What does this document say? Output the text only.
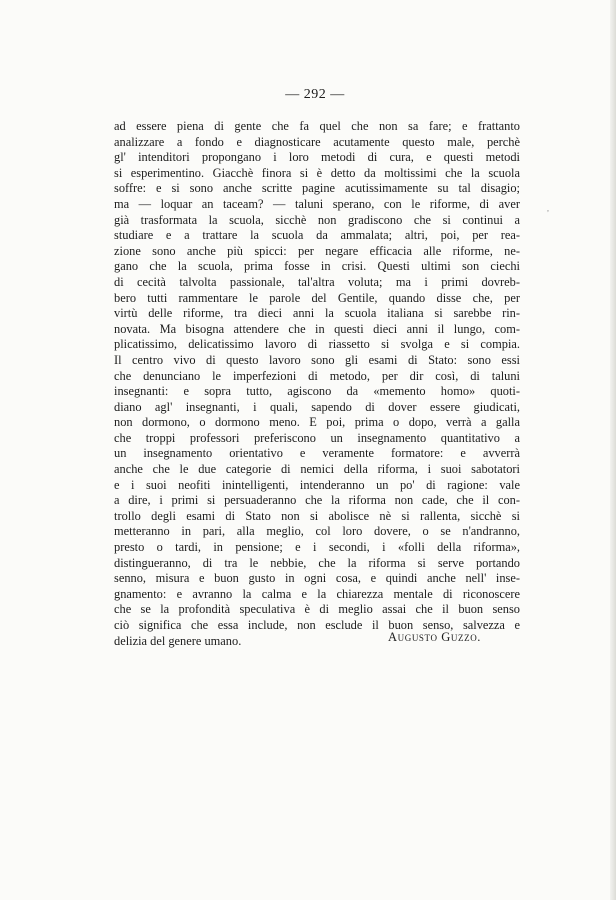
— 292 —
ad essere piena di gente che fa quel che non sa fare; e frattanto
analizzare a fondo e diagnosticare acutamente questo male, perchè
gl' intenditori propongano i loro metodi di cura, e questi metodi
si esperimentino. Giacchè finora si è detto da moltissimi che la scuola
soffre: e si sono anche scritte pagine acutissimamente su tal disagio;
ma — loquar an taceam? — taluni sperano, con le riforme, di aver
già trasformata la scuola, sicchè non gradiscono che si continui a
studiare e a trattare la scuola da ammalata; altri, poi, per rea-
zione sono anche più spicci: per negare efficacia alle riforme, ne-
gano che la scuola, prima fosse in crisi. Questi ultimi son ciechi
di cecità talvolta passionale, tal'altra voluta; ma i primi dovreb-
bero tutti rammentare le parole del Gentile, quando disse che, per
virtù delle riforme, tra dieci anni la scuola italiana si sarebbe rin-
novata. Ma bisogna attendere che in questi dieci anni il lungo, com-
plicatissimo, delicatissimo lavoro di riassetto si svolga e si compia.
Il centro vivo di questo lavoro sono gli esami di Stato: sono essi
che denunciano le imperfezioni di metodo, per dir così, di taluni
insegnanti: e sopra tutto, agiscono da «memento homo» quoti-
diano agl' insegnanti, i quali, sapendo di dover essere giudicati,
non dormono, o dormono meno. E poi, prima o dopo, verrà a galla
che troppi professori preferiscono un insegnamento quantitativo a
un insegnamento orientativo e veramente formatore: e avverrà
anche che le due categorie di nemici della riforma, i suoi sabotatori
e i suoi neofiti inintelligenti, intenderanno un po' di ragione: vale
a dire, i primi si persuaderanno che la riforma non cade, che il con-
trollo degli esami di Stato non si abolisce nè si rallenta, sicchè si
metteranno in pari, alla meglio, col loro dovere, o se n'andranno,
presto o tardi, in pensione; e i secondi, i «folli della riforma»,
distingueranno, di tra le nebbie, che la riforma si serve portando
senno, misura e buon gusto in ogni cosa, e quindi anche nell' inse-
gnamento: e avranno la calma e la chiarezza mentale di riconoscere
che se la profondità speculativa è di meglio assai che il buon senso
ciò significa che essa include, non esclude il buon senso, salvezza e
delizia del genere umano.
,
Augusto Guzzo.
